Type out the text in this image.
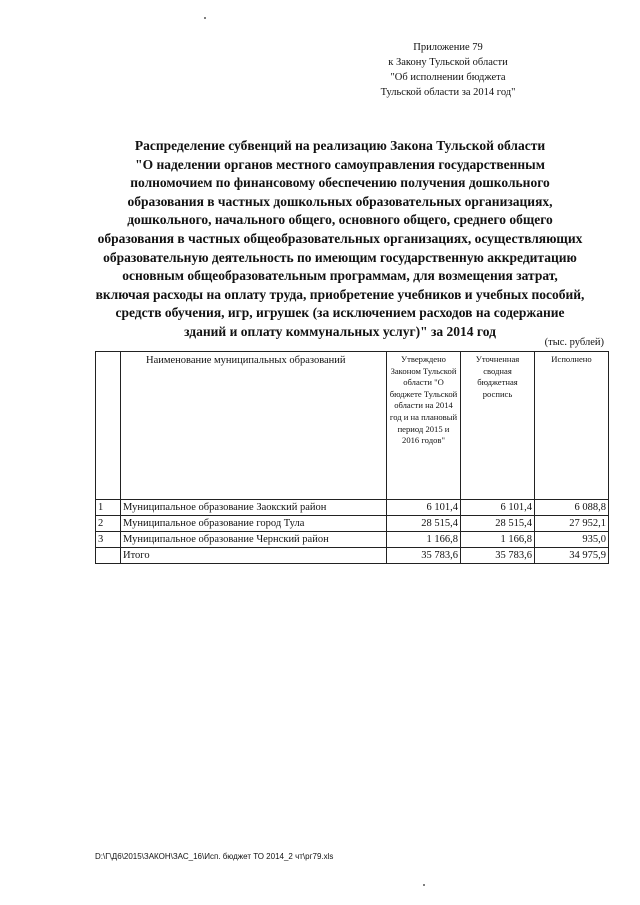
Приложение 79
к Закону Тульской области
"Об исполнении бюджета
Тульской области за 2014 год"
Распределение субвенций на реализацию Закона Тульской области
"О наделении органов местного самоуправления государственным
полномочием по финансовому обеспечению получения дошкольного
образования в частных дошкольных образовательных организациях,
дошкольного, начального общего, основного общего, среднего общего
образования в частных общеобразовательных организациях, осуществляющих
образовательную деятельность по имеющим государственную аккредитацию
основным общеобразовательным программам, для возмещения затрат,
включая расходы на оплату труда, приобретение учебников и учебных пособий,
средств обучения, игр, игрушек (за исключением расходов на содержание
зданий и оплату коммунальных услуг)" за 2014 год
(тыс. рублей)
	Наименование муниципальных образований	Утверждено Законом Тульской области "О бюджете Тульской области на 2014 год и на плановый период 2015 и 2016 годов"	Уточненная сводная бюджетная роспись	Исполнено
1	Муниципальное образование Заокский район	6 101,4	6 101,4	6 088,8
2	Муниципальное образование город Тула	28 515,4	28 515,4	27 952,1
3	Муниципальное образование Чернский район	1 166,8	1 166,8	935,0
	Итого	35 783,6	35 783,6	34 975,9
D:\Г\Д6\2015\ЗАКОН\ЗАС_16\Исп. бюджет ТО 2014_2 чт\рг79.xls
